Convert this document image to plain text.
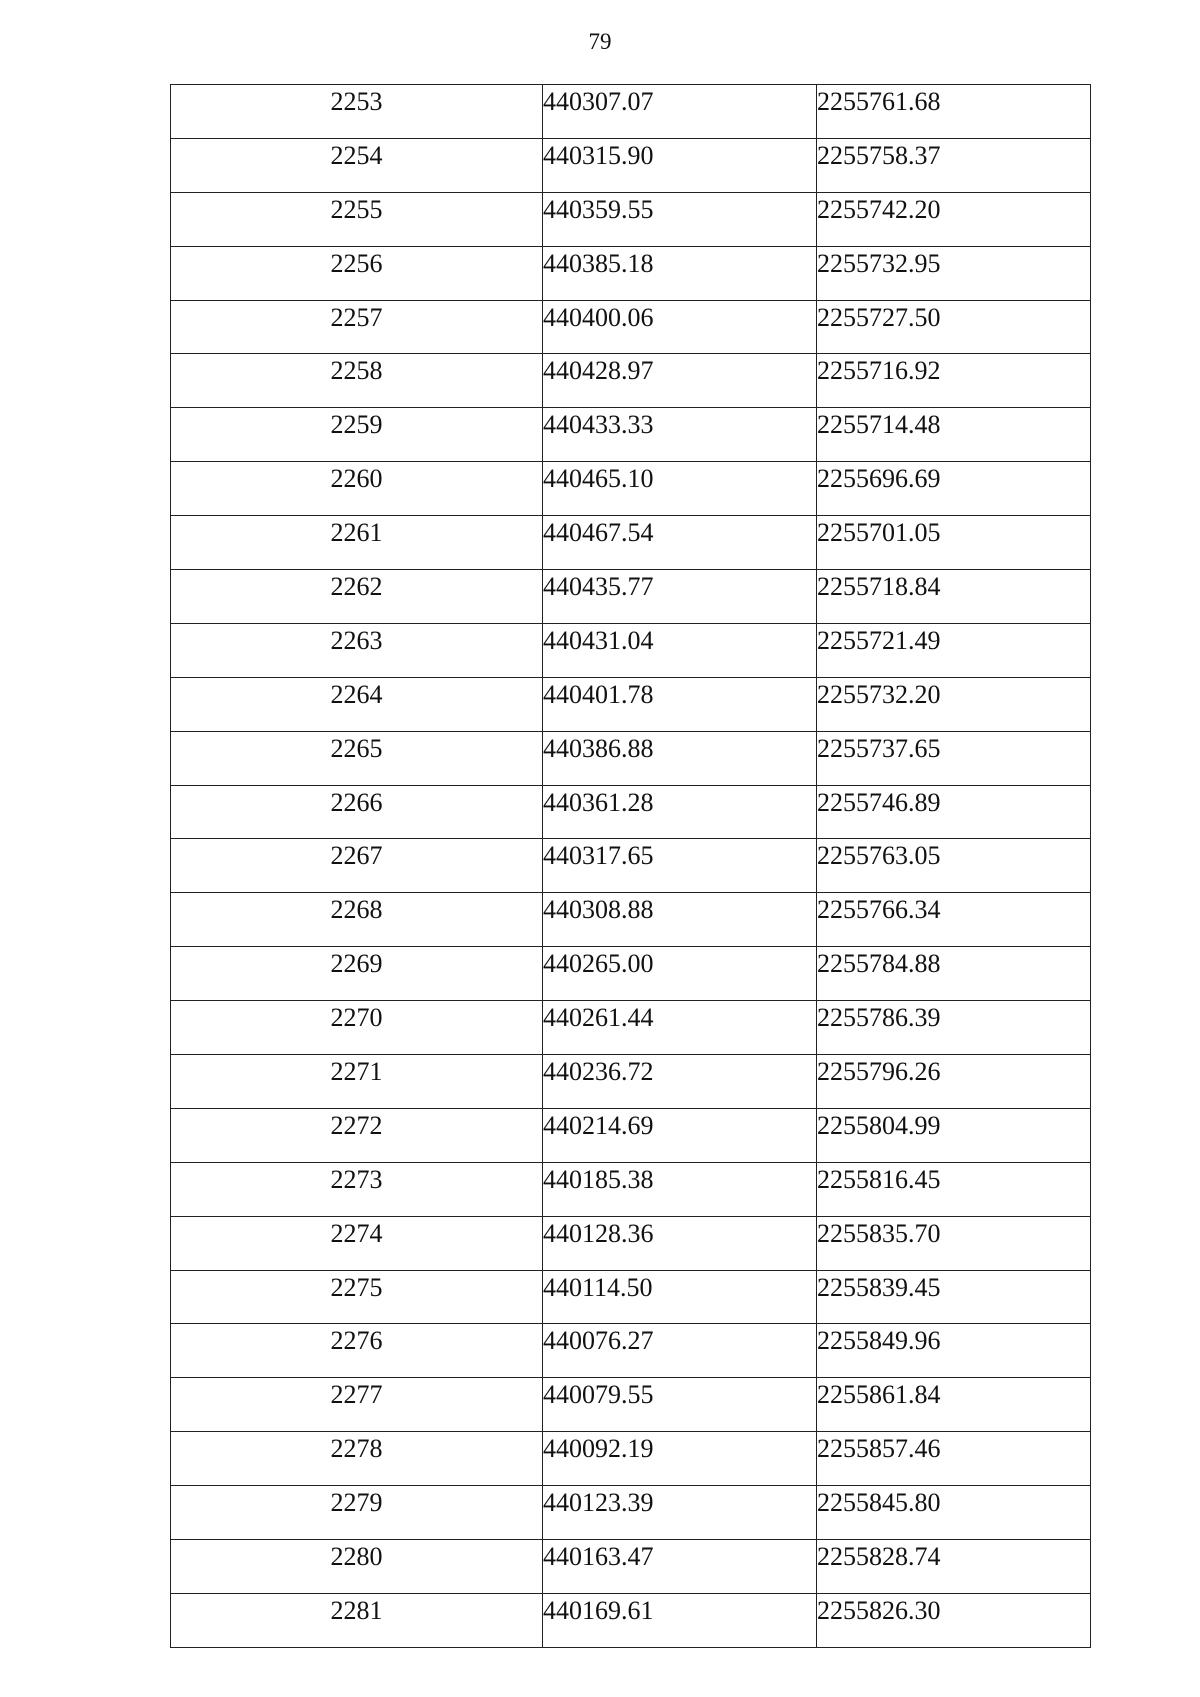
79
2253	440307.07	2255761.68
2254	440315.90	2255758.37
2255	440359.55	2255742.20
2256	440385.18	2255732.95
2257	440400.06	2255727.50
2258	440428.97	2255716.92
2259	440433.33	2255714.48
2260	440465.10	2255696.69
2261	440467.54	2255701.05
2262	440435.77	2255718.84
2263	440431.04	2255721.49
2264	440401.78	2255732.20
2265	440386.88	2255737.65
2266	440361.28	2255746.89
2267	440317.65	2255763.05
2268	440308.88	2255766.34
2269	440265.00	2255784.88
2270	440261.44	2255786.39
2271	440236.72	2255796.26
2272	440214.69	2255804.99
2273	440185.38	2255816.45
2274	440128.36	2255835.70
2275	440114.50	2255839.45
2276	440076.27	2255849.96
2277	440079.55	2255861.84
2278	440092.19	2255857.46
2279	440123.39	2255845.80
2280	440163.47	2255828.74
2281	440169.61	2255826.30
